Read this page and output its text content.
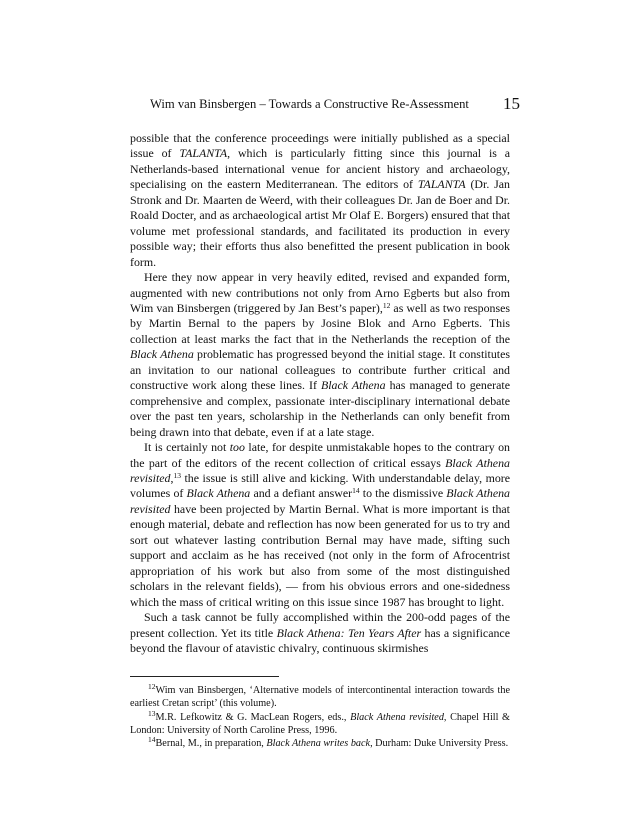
Wim van Binsbergen – Towards a Constructive Re-Assessment 15

possible that the conference proceedings were initially published as a special issue of TALANTA, which is particularly fitting since this journal is a Netherlands-based international venue for ancient history and archaeology, specialising on the eastern Mediterranean. The editors of TALANTA (Dr. Jan Stronk and Dr. Maarten de Weerd, with their colleagues Dr. Jan de Boer and Dr. Roald Docter, and as archaeological artist Mr Olaf E. Borgers) ensured that that volume met professional standards, and facilitated its production in every possible way; their efforts thus also benefitted the present publication in book form.

Here they now appear in very heavily edited, revised and expanded form, augmented with new contributions not only from Arno Egberts but also from Wim van Binsbergen (triggered by Jan Best’s paper),$^{12}$ as well as two responses by Martin Bernal to the papers by Josine Blok and Arno Egberts. This collection at least marks the fact that in the Netherlands the reception of the Black Athena problematic has progressed beyond the initial stage. It constitutes an invitation to our national colleagues to contribute further critical and constructive work along these lines. If Black Athena has managed to generate comprehensive and complex, passionate inter-disciplinary international debate over the past ten years, scholarship in the Netherlands can only benefit from being drawn into that debate, even if at a late stage.

It is certainly not too late, for despite unmistakable hopes to the contrary on the part of the editors of the recent collection of critical essays Black Athena revisited,$^{13}$ the issue is still alive and kicking. With understandable delay, more volumes of Black Athena and a defiant answer$^{14}$ to the dismissive Black Athena revisited have been projected by Martin Bernal. What is more important is that enough material, debate and reflection has now been generated for us to try and sort out whatever lasting contribution Bernal may have made, sifting such support and acclaim as he has received (not only in the form of Afrocentrist appropriation of his work but also from some of the most distinguished scholars in the relevant fields), — from his obvious errors and one-sidedness which the mass of critical writing on this issue since 1987 has brought to light.

Such a task cannot be fully accomplished within the 200-odd pages of the present collection. Yet its title Black Athena: Ten Years After has a significance beyond the flavour of atavistic chivalry, continuous skirmishes

$^{12}$Wim van Binsbergen, ‘Alternative models of intercontinental interaction towards the earliest Cretan script’ (this volume).

$^{13}$M.R. Lefkowitz & G. MacLean Rogers, eds., Black Athena revisited, Chapel Hill & London: University of North Caroline Press, 1996.

$^{14}$Bernal, M., in preparation, Black Athena writes back, Durham: Duke University Press.
